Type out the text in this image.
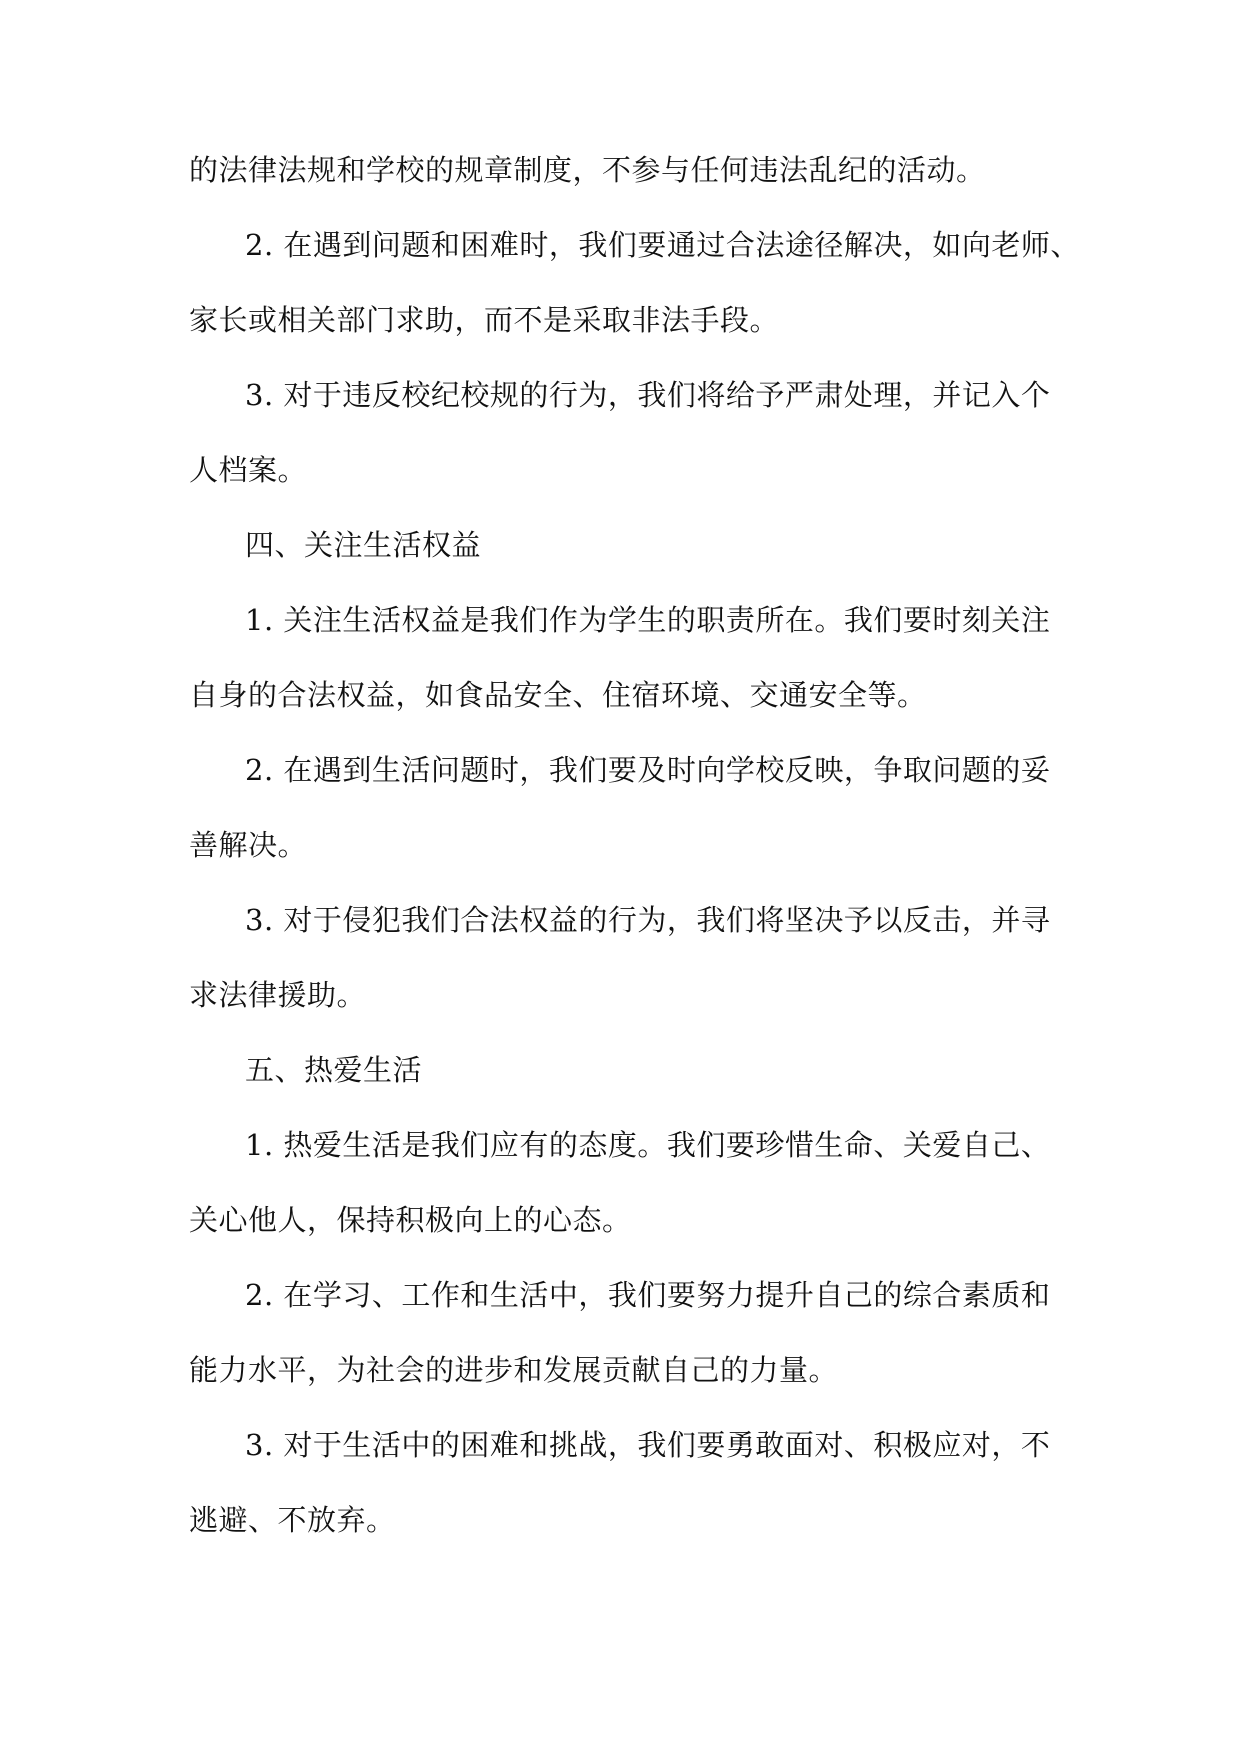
的法律法规和学校的规章制度，不参与任何违法乱纪的活动。
2. 在遇到问题和困难时，我们要通过合法途径解决，如向老师、
家长或相关部门求助，而不是采取非法手段。
3. 对于违反校纪校规的行为，我们将给予严肃处理，并记入个
人档案。
四、关注生活权益
1. 关注生活权益是我们作为学生的职责所在。我们要时刻关注
自身的合法权益，如食品安全、住宿环境、交通安全等。
2. 在遇到生活问题时，我们要及时向学校反映，争取问题的妥
善解决。
3. 对于侵犯我们合法权益的行为，我们将坚决予以反击，并寻
求法律援助。
五、热爱生活
1. 热爱生活是我们应有的态度。我们要珍惜生命、关爱自己、
关心他人，保持积极向上的心态。
2. 在学习、工作和生活中，我们要努力提升自己的综合素质和
能力水平，为社会的进步和发展贡献自己的力量。
3. 对于生活中的困难和挑战，我们要勇敢面对、积极应对，不
逃避、不放弃。
